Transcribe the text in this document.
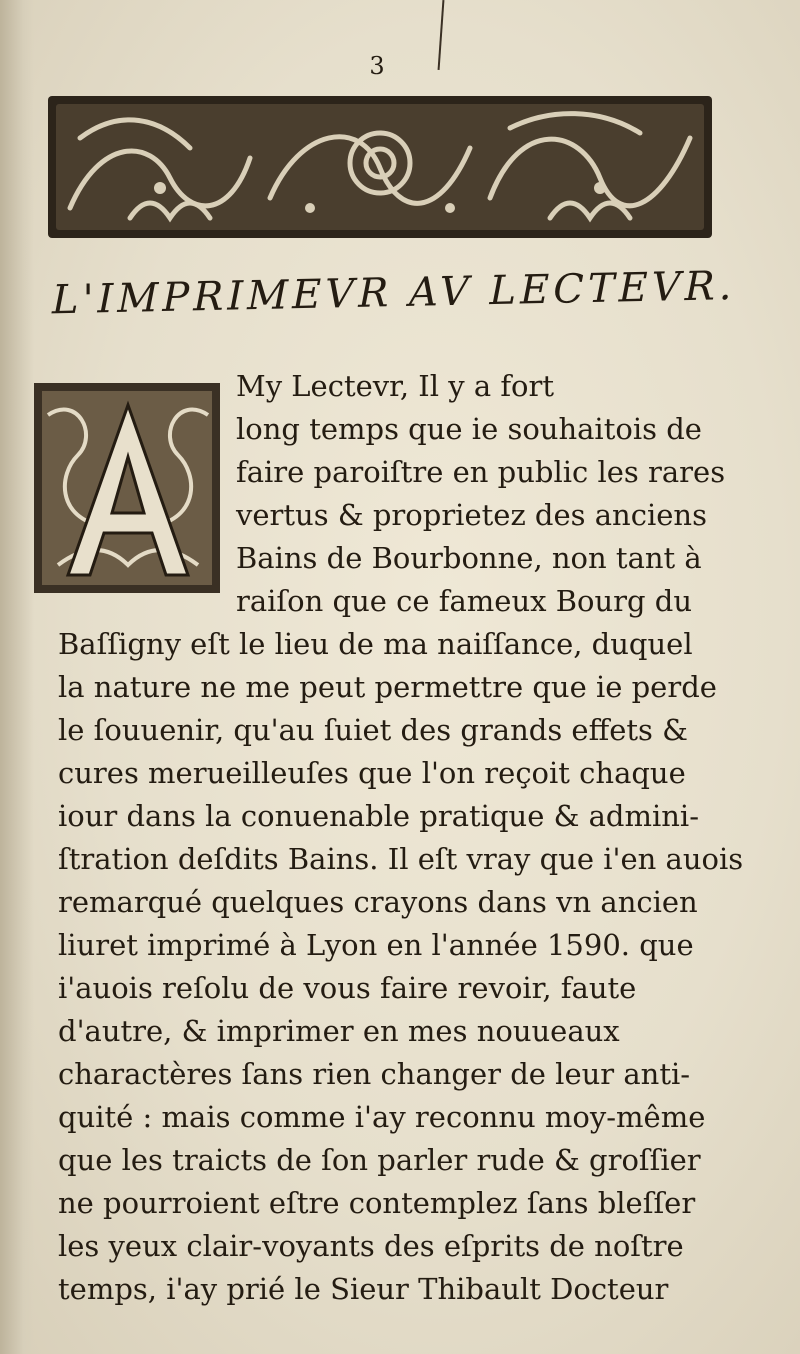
3
L'IMPRIMEVR AV LECTEVR.
A	My Lectevr, Il y a fort
long temps que ie souhaitois de
faire paroiſtre en public les rares
vertus & proprietez des anciens
Bains de Bourbonne, non tant à
raiſon que ce fameux Bourg du
Baſſigny eſt le lieu de ma naiſſance, duquel
la nature ne me peut permettre que ie perde
le ſouuenir, qu'au ſuiet des grands effets &
cures merueilleuſes que l'on reçoit chaque
iour dans la conuenable pratique & admini-
ſtration deſdits Bains. Il eſt vray que i'en auois
remarqué quelques crayons dans vn ancien
liuret imprimé à Lyon en l'année 1590. que
i'auois reſolu de vous faire revoir, faute
d'autre, & imprimer en mes nouueaux
charactères ſans rien changer de leur anti-
quité : mais comme i'ay reconnu moy-même
que les traicts de ſon parler rude & groſſier
ne pourroient eſtre contemplez ſans bleſſer
les yeux clair-voyants des eſprits de noſtre
temps, i'ay prié le Sieur Thibault Docteur
